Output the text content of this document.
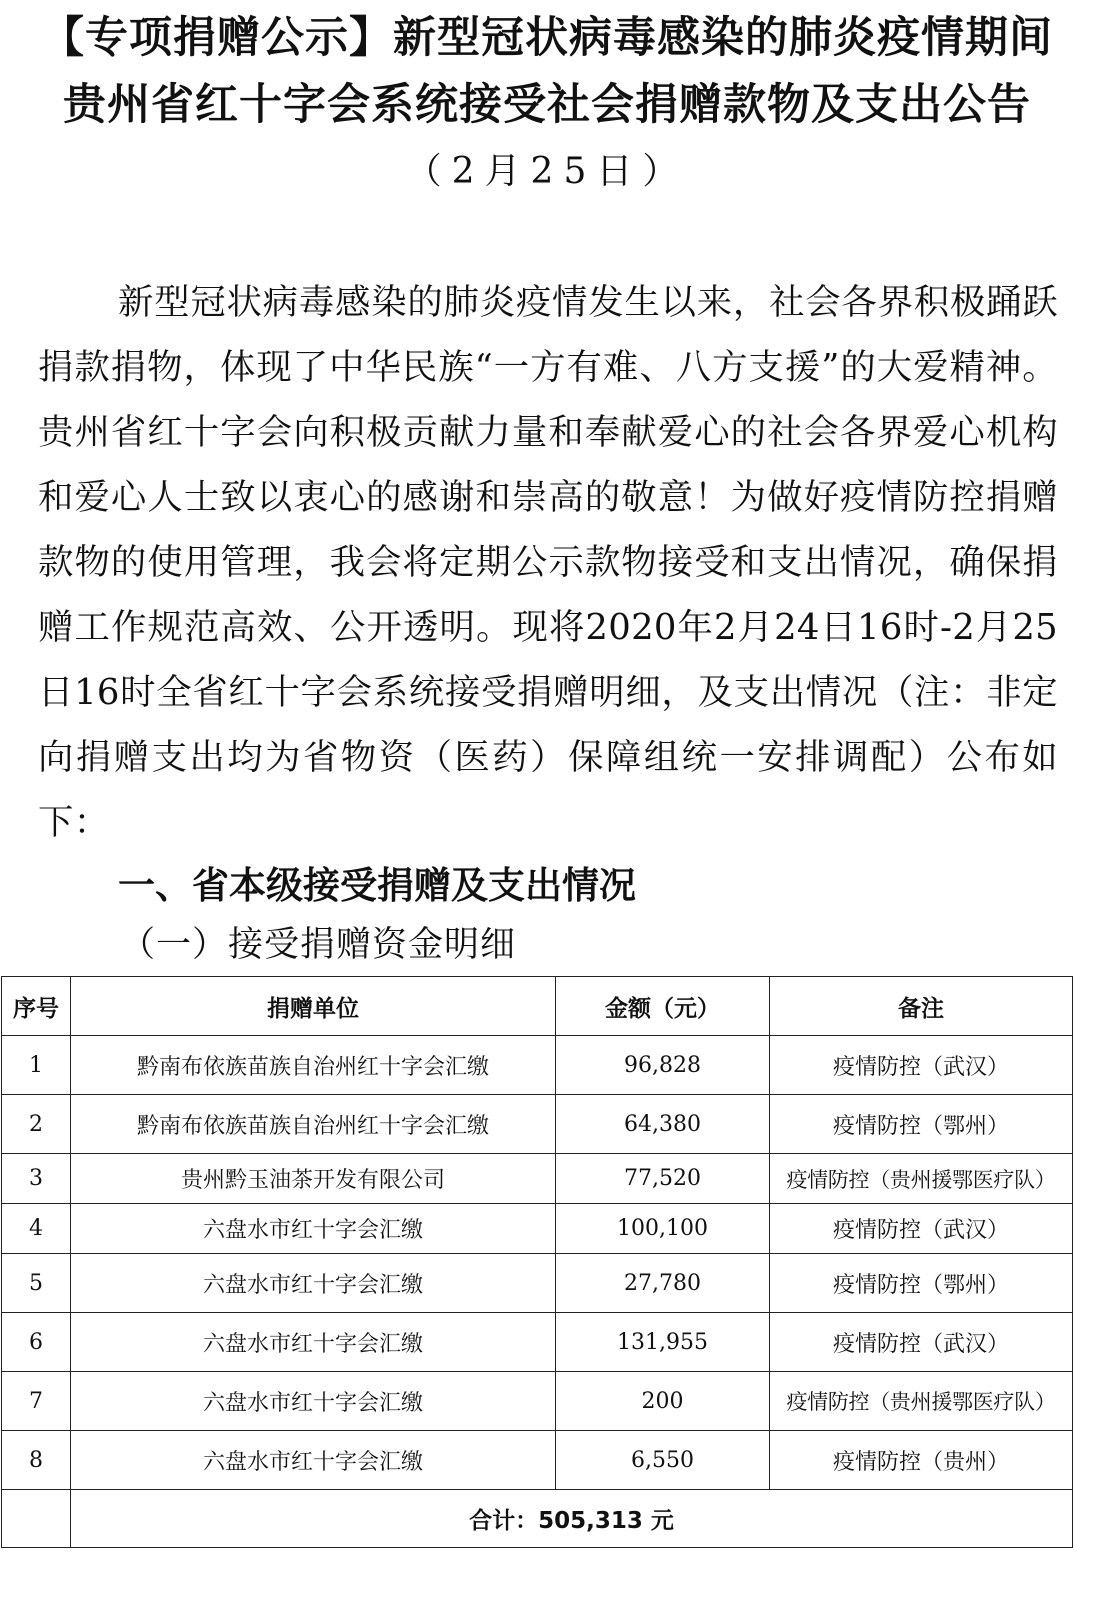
【专项捐赠公示】新型冠状病毒感染的肺炎疫情期间
贵州省红十字会系统接受社会捐赠款物及支出公告
（2月25日）

新型冠状病毒感染的肺炎疫情发生以来，社会各界积极踊跃捐款捐物，体现了中华民族“一方有难、八方支援”的大爱精神。贵州省红十字会向积极贡献力量和奉献爱心的社会各界爱心机构和爱心人士致以衷心的感谢和崇高的敬意！为做好疫情防控捐赠款物的使用管理，我会将定期公示款物接受和支出情况，确保捐赠工作规范高效、公开透明。现将2020年2月24日16时-2月25日16时全省红十字会系统接受捐赠明细，及支出情况（注：非定向捐赠支出均为省物资（医药）保障组统一安排调配）公布如下：

一、省本级接受捐赠及支出情况
（一）接受捐赠资金明细
序号	捐赠单位	金额（元）	备注
1	黔南布依族苗族自治州红十字会汇缴	96,828	疫情防控（武汉）
2	黔南布依族苗族自治州红十字会汇缴	64,380	疫情防控（鄂州）
3	贵州黔玉油茶开发有限公司	77,520	疫情防控（贵州援鄂医疗队）
4	六盘水市红十字会汇缴	100,100	疫情防控（武汉）
5	六盘水市红十字会汇缴	27,780	疫情防控（鄂州）
6	六盘水市红十字会汇缴	131,955	疫情防控（武汉）
7	六盘水市红十字会汇缴	200	疫情防控（贵州援鄂医疗队）
8	六盘水市红十字会汇缴	6,550	疫情防控（贵州）
	合计：505,313 元		
